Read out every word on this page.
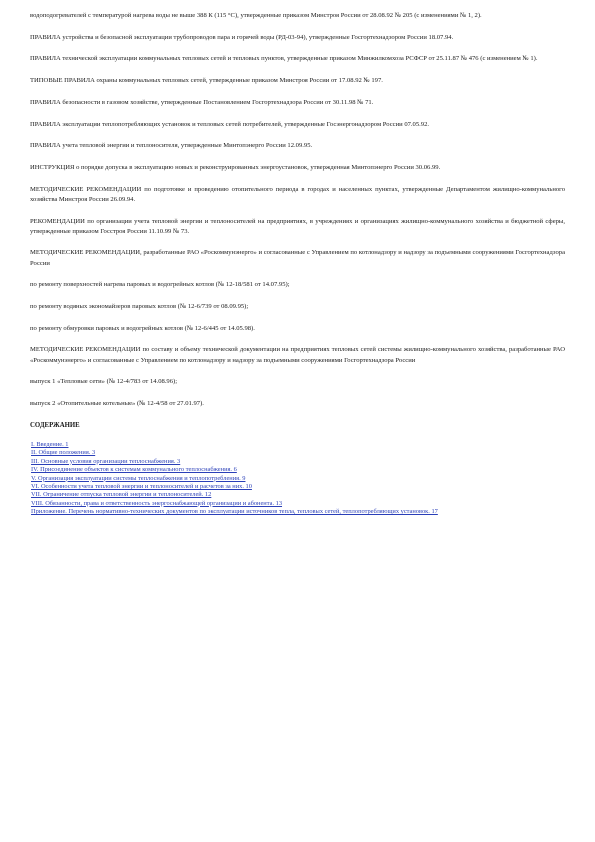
водоподогревателей с температурой нагрева воды не выше 388 К (115 °С), утвержденные приказом Минстроя России от 28.08.92 № 205 (с изменениями № 1, 2).

ПРАВИЛА устройства и безопасной эксплуатации трубопроводов пара и горячей воды (РД-03-94), утвержденные Госгортехнадзором России 18.07.94.

ПРАВИЛА технической эксплуатации коммунальных тепловых сетей и тепловых пунктов, утвержденные приказом Минжилкомхоза РСФСР от 25.11.87 № 476 (с изменением № 1).

ТИПОВЫЕ ПРАВИЛА охраны коммунальных тепловых сетей, утвержденные приказом Минстроя России от 17.08.92 № 197.

ПРАВИЛА безопасности в газовом хозяйстве, утвержденные Постановлением Госгортехнадзора России от 30.11.98 № 71.

ПРАВИЛА эксплуатации теплопотребляющих установок и тепловых сетей потребителей, утвержденные Госэнергонадзором России 07.05.92.

ПРАВИЛА учета тепловой энергии и теплоносителя, утвержденные Минтопэнерго России 12.09.95.

ИНСТРУКЦИЯ о порядке допуска в эксплуатацию новых и реконструированных энергоустановок, утвержденная Минтопэнерго России 30.06.99.

МЕТОДИЧЕСКИЕ РЕКОМЕНДАЦИИ по подготовке и проведению отопительного периода в городах и населенных пунктах, утвержденные Департаментом жилищно-коммунального хозяйства Минстроя России 26.09.94.

РЕКОМЕНДАЦИИ по организации учета тепловой энергии и теплоносителей на предприятиях, в учреждениях и организациях жилищно-коммунального хозяйства и бюджетной сферы, утвержденные приказом Госстроя России 11.10.99 № 73.

МЕТОДИЧЕСКИЕ РЕКОМЕНДАЦИИ, разработанные РАО «Роскоммунэнерго» и согласованные с Управлением по котлонадзору и надзору за подъемными сооружениями Госгортехнадзора России

по ремонту поверхностей нагрева паровых и водогрейных котлов (№ 12-18/581 от 14.07.95);

по ремонту водяных экономайзеров паровых котлов (№ 12-6/739 от 08.09.95);

по ремонту обмуровки паровых и водогрейных котлов (№ 12-6/445 от 14.05.98).

МЕТОДИЧЕСКИЕ РЕКОМЕНДАЦИИ по составу и объему технической документации на предприятиях тепловых сетей системы жилищно-коммунального хозяйства, разработанные РАО «Роскоммунэнерго» и согласованные с Управлением по котлонадзору и надзору за подъемными сооружениями Госгортехнадзора России

выпуск 1 «Тепловые сети» (№ 12-4/783 от 14.08.96);

выпуск 2 «Отопительные котельные» (№ 12-4/58 от 27.01.97).

СОДЕРЖАНИЕ
I. Введение. 1
II. Общие положения. 3
III. Основные условия организации теплоснабжения. 3
IV. Присоединение объектов к системам коммунального теплоснабжения. 6
V. Организация эксплуатации системы теплоснабжения и теплопотребления. 9
VI. Особенности учета тепловой энергии и теплоносителей и расчетов за них. 10
VII. Ограничение отпуска тепловой энергии и теплоносителей. 12
VIII. Обязанности, права и ответственность энергоснабжающей организации и абонента. 13
Приложение. Перечень нормативно-технических документов по эксплуатации источников тепла, тепловых сетей, теплопотребляющих установок. 17
